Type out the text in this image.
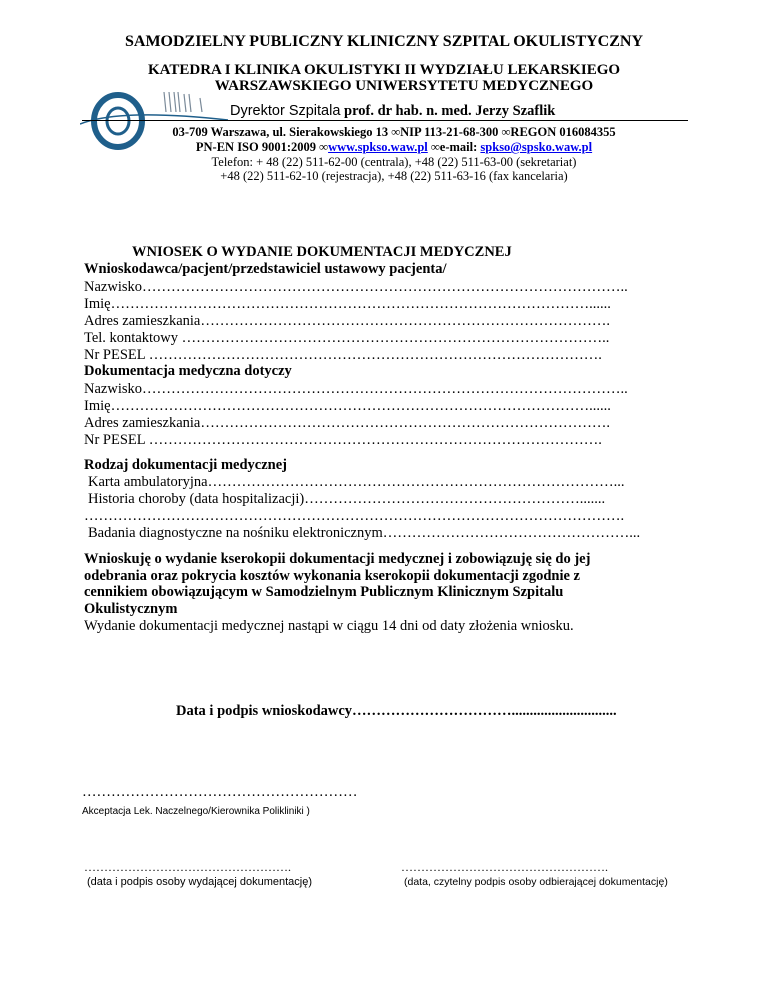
SAMODZIELNY PUBLICZNY KLINICZNY SZPITAL OKULISTYCZNY
KATEDRA I KLINIKA OKULISTYKI II WYDZIAŁU LEKARSKIEGO
WARSZAWSKIEGO UNIWERSYTETU MEDYCZNEGO
Dyrektor Szpitala prof. dr hab. n. med. Jerzy Szaflik
03-709 Warszawa, ul. Sierakowskiego 13 ∞NIP 113-21-68-300 ∞REGON 016084355
PN-EN ISO 9001:2009 ∞www.spkso.waw.pl ∞e-mail: spkso@spsko.waw.pl
Telefon: + 48 (22) 511-62-00 (centrala), +48 (22) 511-63-00 (sekretariat)
+48 (22) 511-62-10 (rejestracja), +48 (22) 511-63-16 (fax kancelaria)
WNIOSEK O WYDANIE DOKUMENTACJI MEDYCZNEJ
Wnioskodawca/pacjent/przedstawiciel ustawowy pacjenta/
Nazwisko………………………………………………………………………………………..
Imię………………………………………………………………………………………......
Adres zamieszkania………………………………………………………………………….
Tel. kontaktowy ……………………………………………………………………………..
Nr PESEL ………………………………………………………………………………….
Dokumentacja medyczna dotyczy
Nazwisko………………………………………………………………………………………..
Imię………………………………………………………………………………………......
Adres zamieszkania………………………………………………………………………….
Nr PESEL ………………………………………………………………………………….
Rodzaj dokumentacji medycznej
Karta ambulatoryjna…………………………………………………………………………...
Historia choroby (data hospitalizacji)………………………………………………….......
………………………………………………………………………………………………….
Badania diagnostyczne na nośniku elektronicznym……………………………………………...
Wnioskuję o wydanie kserokopii dokumentacji medycznej i zobowiązuję się do jej
odebrania oraz pokrycia kosztów wykonania kserokopii dokumentacji zgodnie z
cennikiem obowiązującym w Samodzielnym Publicznym Klinicznym Szpitalu
Okulistycznym
Wydanie dokumentacji medycznej nastąpi w ciągu 14 dni od daty złożenia wniosku.
Data i podpis wnioskodawcy…………………………….............................
…………………………………………………
Akceptacja Lek. Naczelnego/Kierownika Polikliniki )
…………………………………………….
(data i podpis osoby wydającej dokumentację)
…………………………………………….
(data, czytelny podpis osoby odbierającej dokumentację)
